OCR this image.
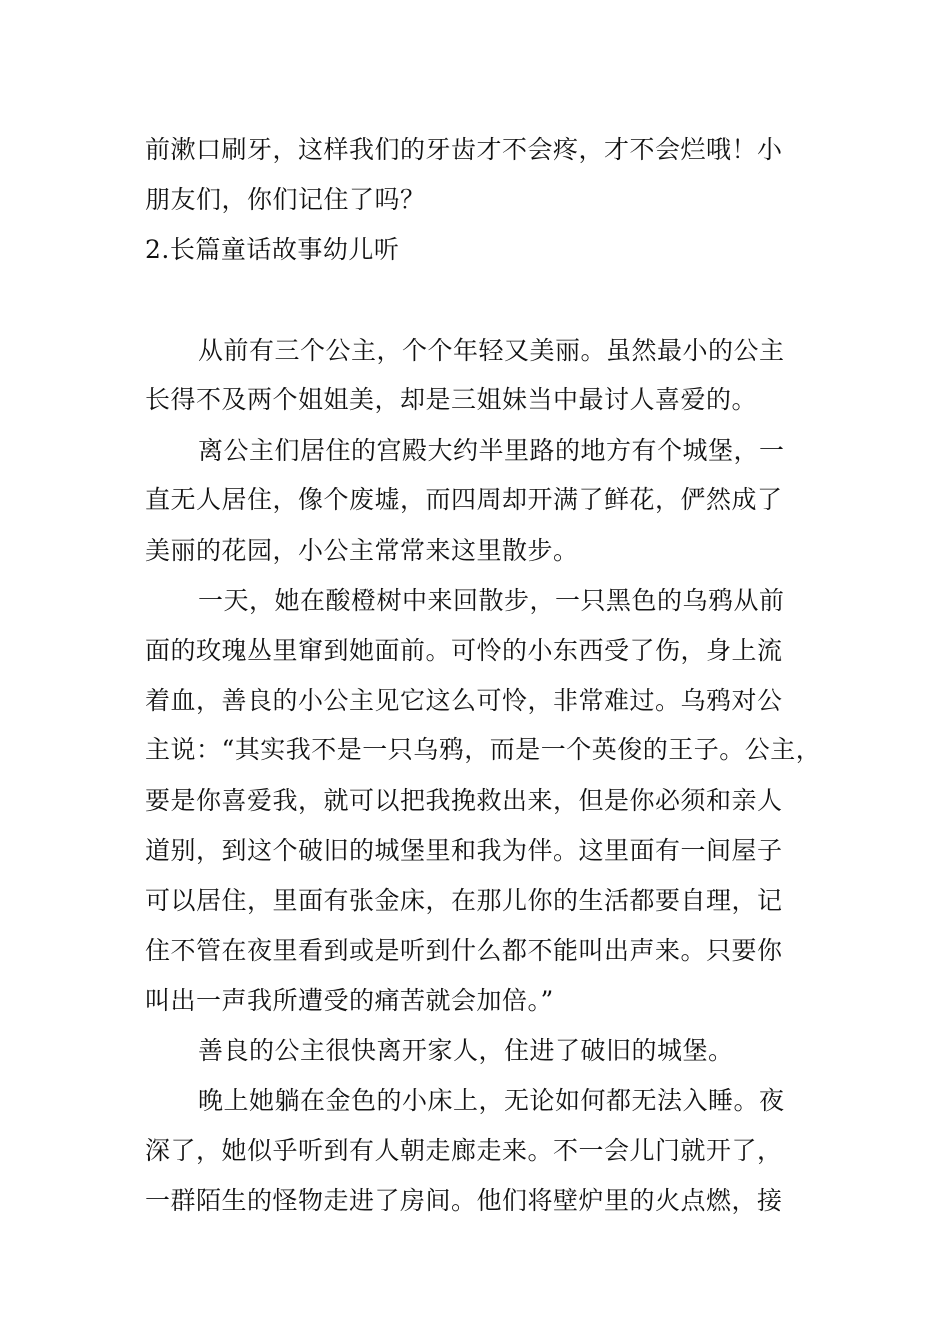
前漱口刷牙，这样我们的牙齿才不会疼，才不会烂哦！小
朋友们，你们记住了吗？
2.长篇童话故事幼儿听
从前有三个公主，个个年轻又美丽。虽然最小的公主
长得不及两个姐姐美，却是三姐妹当中最讨人喜爱的。
离公主们居住的宫殿大约半里路的地方有个城堡，一
直无人居住，像个废墟，而四周却开满了鲜花，俨然成了
美丽的花园，小公主常常来这里散步。
一天，她在酸橙树中来回散步，一只黑色的乌鸦从前
面的玫瑰丛里窜到她面前。可怜的小东西受了伤，身上流
着血，善良的小公主见它这么可怜，非常难过。乌鸦对公
主说：“其实我不是一只乌鸦，而是一个英俊的王子。公主，
要是你喜爱我，就可以把我挽救出来，但是你必须和亲人
道别，到这个破旧的城堡里和我为伴。这里面有一间屋子
可以居住，里面有张金床，在那儿你的生活都要自理，记
住不管在夜里看到或是听到什么都不能叫出声来。只要你
叫出一声我所遭受的痛苦就会加倍。”
善良的公主很快离开家人，住进了破旧的城堡。
晚上她躺在金色的小床上，无论如何都无法入睡。夜
深了，她似乎听到有人朝走廊走来。不一会儿门就开了，
一群陌生的怪物走进了房间。他们将壁炉里的火点燃，接
